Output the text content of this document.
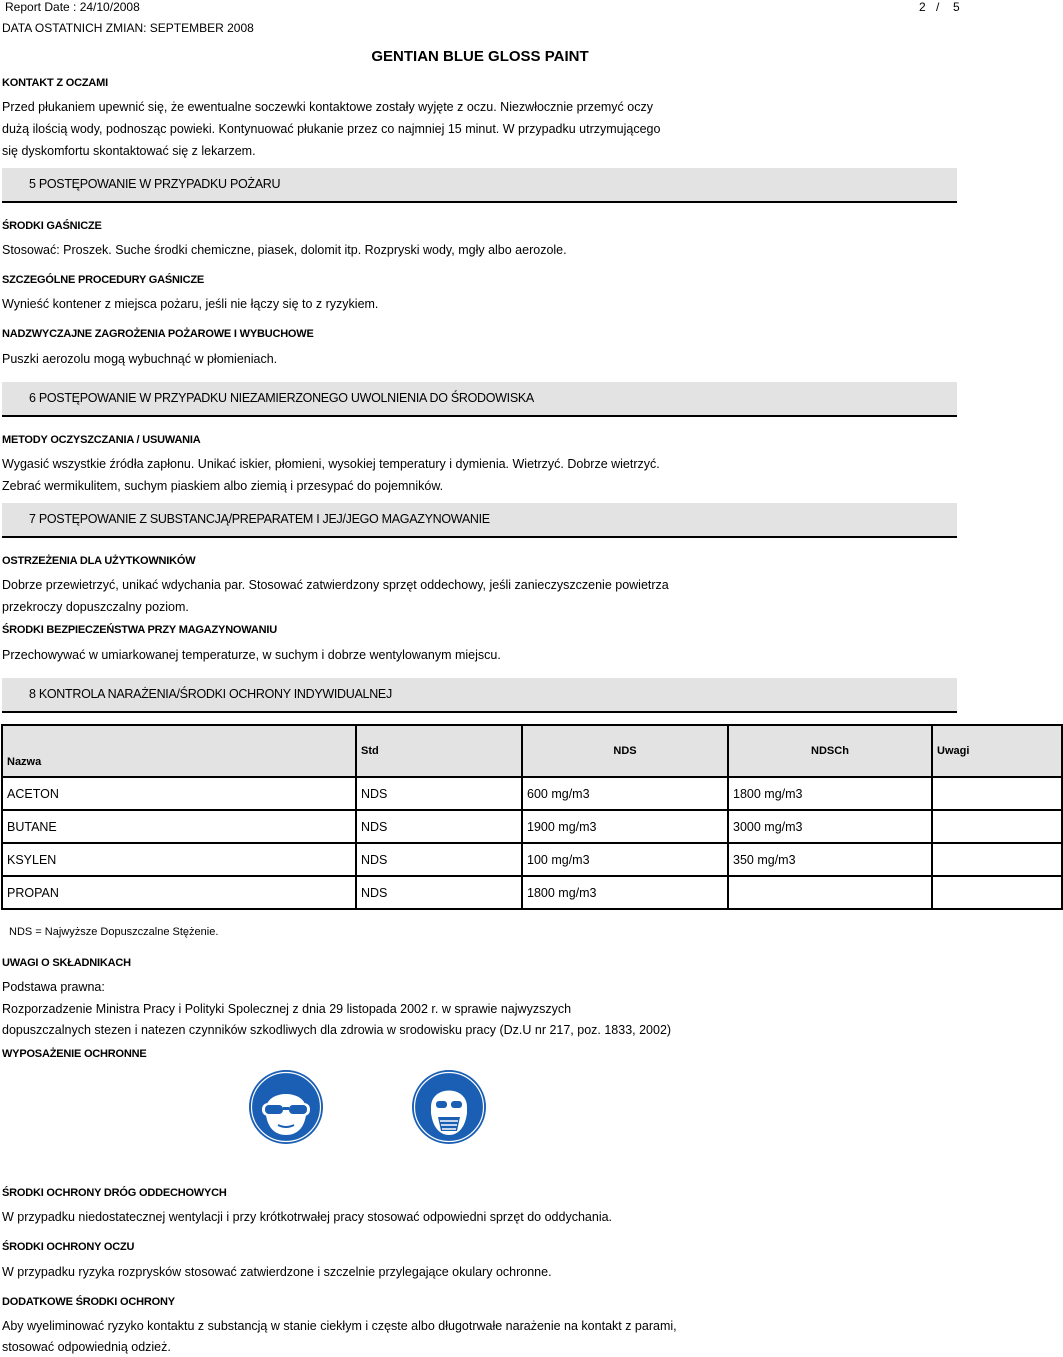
Report Date : 24/10/2008	2 / 5
DATA OSTATNICH ZMIAN: SEPTEMBER 2008
GENTIAN BLUE GLOSS PAINT
KONTAKT Z OCZAMI
Przed płukaniem upewnić się, że ewentualne soczewki kontaktowe zostały wyjęte z oczu. Niezwłocznie przemyć oczy
dużą ilością wody, podnosząc powieki. Kontynuować płukanie przez co najmniej 15 minut. W przypadku utrzymującego
się dyskomfortu skontaktować się z lekarzem.
5 POSTĘPOWANIE W PRZYPADKU POŻARU
ŚRODKI GAŚNICZE
Stosować: Proszek. Suche środki chemiczne, piasek, dolomit itp. Rozpryski wody, mgły albo aerozole.
SZCZEGÓLNE PROCEDURY GAŚNICZE
Wynieść kontener z miejsca pożaru, jeśli nie łączy się to z ryzykiem.
NADZWYCZAJNE ZAGROŻENIA POŻAROWE I WYBUCHOWE
Puszki aerozolu mogą wybuchnąć w płomieniach.
6 POSTĘPOWANIE W PRZYPADKU NIEZAMIERZONEGO UWOLNIENIA DO ŚRODOWISKA
METODY OCZYSZCZANIA / USUWANIA
Wygasić wszystkie źródła zapłonu. Unikać iskier, płomieni, wysokiej temperatury i dymienia. Wietrzyć. Dobrze wietrzyć.
Zebrać wermikulitem, suchym piaskiem albo ziemią i przesypać do pojemników.
7 POSTĘPOWANIE Z SUBSTANCJĄ/PREPARATEM I JEJ/JEGO MAGAZYNOWANIE
OSTRZEŻENIA DLA UŻYTKOWNIKÓW
Dobrze przewietrzyć, unikać wdychania par. Stosować zatwierdzony sprzęt oddechowy, jeśli zanieczyszczenie powietrza
przekroczy dopuszczalny poziom.
ŚRODKI BEZPIECZEŃSTWA PRZY MAGAZYNOWANIU
Przechowywać w umiarkowanej temperaturze, w suchym i dobrze wentylowanym miejscu.
8 KONTROLA NARAŻENIA/ŚRODKI OCHRONY INDYWIDUALNEJ
Nazwa	Std	NDS	NDSCh	Uwagi
ACETON	NDS	600 mg/m3	1800 mg/m3	
BUTANE	NDS	1900 mg/m3	3000 mg/m3	
KSYLEN	NDS	100 mg/m3	350 mg/m3	
PROPAN	NDS	1800 mg/m3		
NDS = Najwyższe Dopuszczalne Stężenie.
UWAGI O SKŁADNIKACH
Podstawa prawna:
Rozporzadzenie Ministra Pracy i Polityki Spolecznej z dnia 29 listopada 2002 r. w sprawie najwyzszych
dopuszczalnych stezen i natezen czynników szkodliwych dla zdrowia w srodowisku pracy (Dz.U nr 217, poz. 1833, 2002)
WYPOSAŻENIE OCHRONNE
ŚRODKI OCHRONY DRÓG ODDECHOWYCH
W przypadku niedostatecznej wentylacji i przy krótkotrwałej pracy stosować odpowiedni sprzęt do oddychania.
ŚRODKI OCHRONY OCZU
W przypadku ryzyka rozprysków stosować zatwierdzone i szczelnie przylegające okulary ochronne.
DODATKOWE ŚRODKI OCHRONY
Aby wyeliminować ryzyko kontaktu z substancją w stanie ciekłym i częste albo długotrwałe narażenie na kontakt z parami,
stosować odpowiednią odzież.
